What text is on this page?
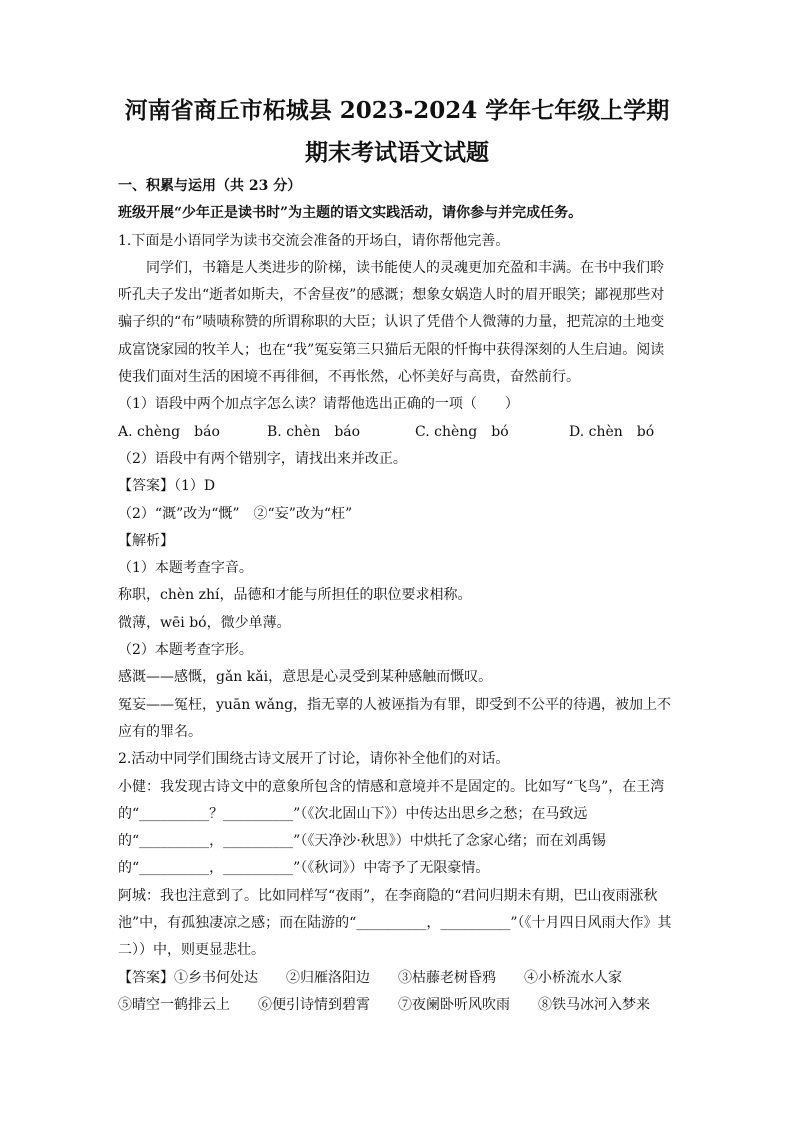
河南省商丘市柘城县 2023-2024 学年七年级上学期
期末考试语文试题

一、积累与运用（共 23 分）

班级开展“少年正是读书时”为主题的语文实践活动，请你参与并完成任务。

1.下面是小语同学为读书交流会准备的开场白，请你帮他完善。

同学们，书籍是人类进步的阶梯，读书能使人的灵魂更加充盈和丰满。在书中我们聆听孔夫子发出“逝者如斯夫，不舍昼夜”的感溉；想象女娲造人时的眉开眼笑；鄙视那些对骗子织的“布”啧啧称赞的所谓称职的大臣；认识了凭借个人微薄的力量，把荒凉的土地变成富饶家园的牧羊人；也在“我”冤妄第三只猫后无限的忏悔中获得深刻的人生启迪。阅读使我们面对生活的困境不再徘徊，不再怅然，心怀美好与高贵，奋然前行。

（1）语段中两个加点字怎么读？请帮他选出正确的一项（　　）

A. chèng　báo	B. chèn　báo	C. chèng　bó	D. chèn　bó

（2）语段中有两个错别字，请找出来并改正。

【答案】（1）D

（2）“溉”改为“慨”　②“妄”改为“枉”

【解析】

（1）本题考查字音。

称职，chèn zhí，品德和才能与所担任的职位要求相称。

微薄，wēi bó，微少单薄。

（2）本题考查字形。

感溉——感慨，gǎn kǎi，意思是心灵受到某种感触而慨叹。

冤妄——冤枉，yuān wǎng，指无辜的人被诬指为有罪，即受到不公平的待遇，被加上不应有的罪名。

2.活动中同学们围绕古诗文展开了讨论，请你补全他们的对话。

小健：我发现古诗文中的意象所包含的情感和意境并不是固定的。比如写“飞鸟”，在王湾的“__________？__________”（《次北固山下》）中传达出思乡之愁；在马致远的“__________，__________”（《天净沙·秋思》）中烘托了念家心绪；而在刘禹锡的“__________，__________”（《秋词》）中寄予了无限豪情。

阿城：我也注意到了。比如同样写“夜雨”，在李商隐的“君问归期未有期，巴山夜雨涨秋池”中，有孤独凄凉之感；而在陆游的“__________，__________”（《十月四日风雨大作》其二））中，则更显悲壮。

【答案】①乡书何处达	②归雁洛阳边	③枯藤老树昏鸦	④小桥流水人家
⑤晴空一鹤排云上	⑥便引诗情到碧霄	⑦夜阑卧听风吹雨	⑧铁马冰河入梦来
